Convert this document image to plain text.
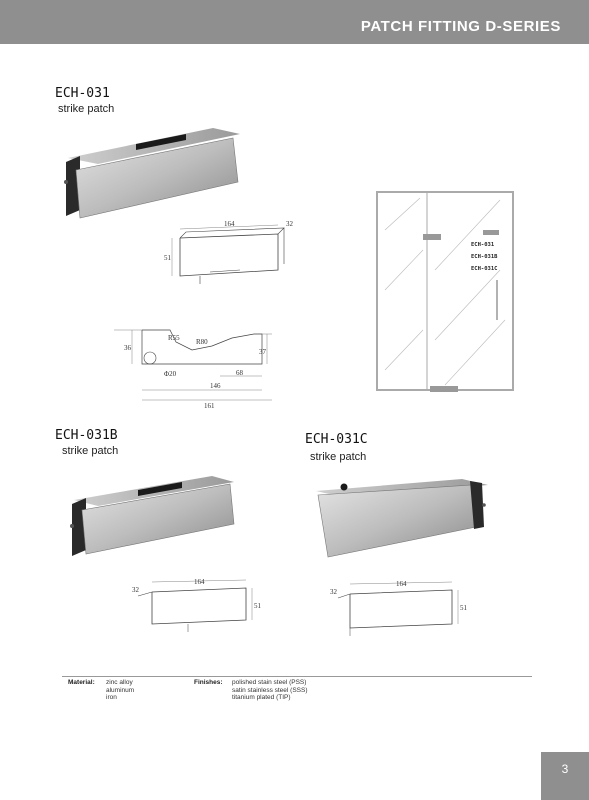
PATCH FITTING D-SERIES
ECH-031
strike patch
164	32
51
R55 R80
Φ20
36	37
68
146
161
ECH-031
ECH-031B
ECH-031C
ECH-031B
strike patch
164
51
32
ECH-031C
strike patch
164
51
32
Material: zinc alloy
aluminum
iron
Finishes: polished stain steel (PSS)
satin stainless steel (SSS)
titanium plated (TIP)
3
